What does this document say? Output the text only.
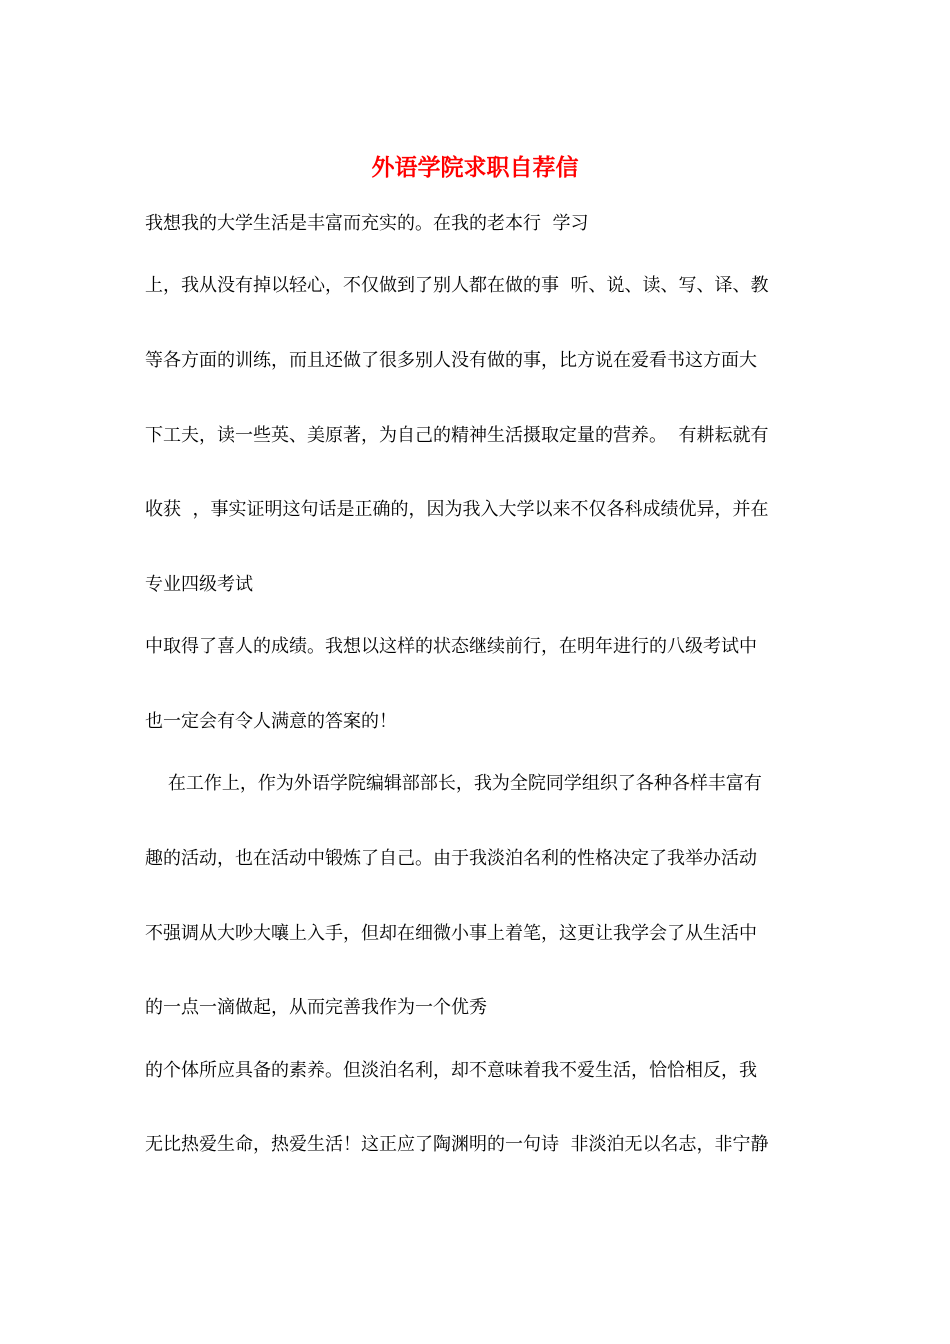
外语学院求职自荐信
我想我的大学生活是丰富而充实的。在我的老本行  学习
上，我从没有掉以轻心，不仅做到了别人都在做的事  听、说、读、写、译、教
等各方面的训练，而且还做了很多别人没有做的事，比方说在爱看书这方面大
下工夫，读一些英、美原著，为自己的精神生活摄取定量的营养。  有耕耘就有
收获  ，事实证明这句话是正确的，因为我入大学以来不仅各科成绩优异，并在
专业四级考试
中取得了喜人的成绩。我想以这样的状态继续前行，在明年进行的八级考试中
也一定会有令人满意的答案的！
在工作上，作为外语学院编辑部部长，我为全院同学组织了各种各样丰富有
趣的活动，也在活动中锻炼了自己。由于我淡泊名利的性格决定了我举办活动
不强调从大吵大嚷上入手，但却在细微小事上着笔，这更让我学会了从生活中
的一点一滴做起，从而完善我作为一个优秀
的个体所应具备的素养。但淡泊名利，却不意味着我不爱生活，恰恰相反，我
无比热爱生命，热爱生活！这正应了陶渊明的一句诗  非淡泊无以名志，非宁静
